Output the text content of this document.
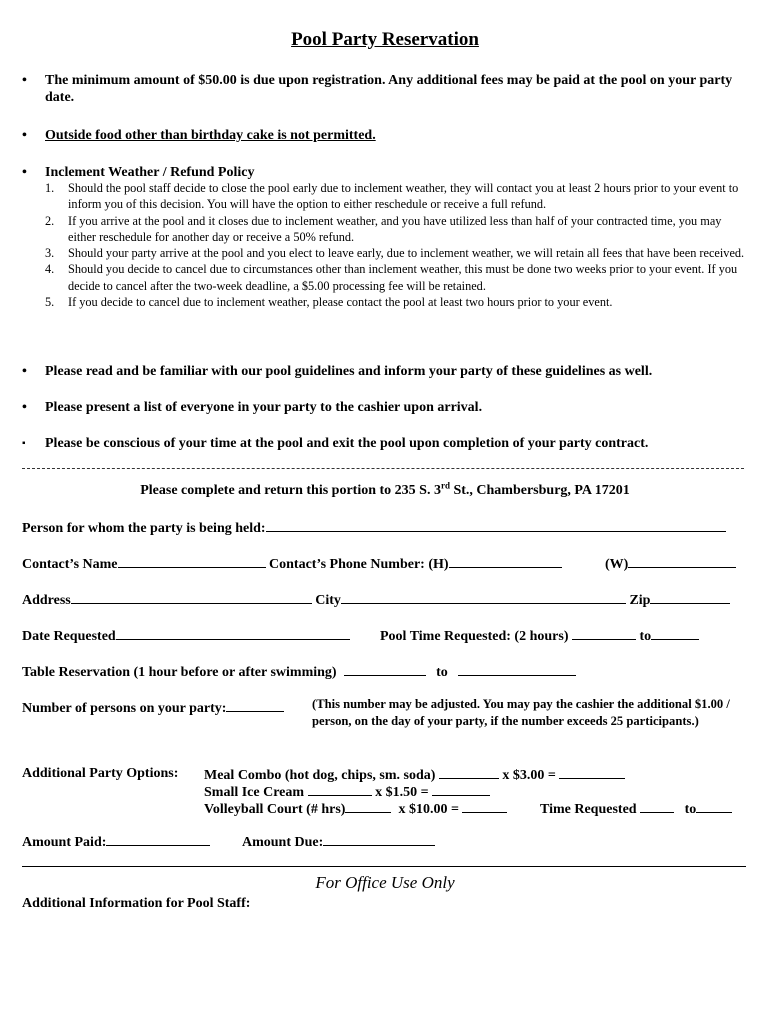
Pool Party Reservation
• The minimum amount of $50.00 is due upon registration. Any additional fees may be paid at the pool on your party date.
• Outside food other than birthday cake is not permitted.
• Inclement Weather / Refund Policy
1. Should the pool staff decide to close the pool early due to inclement weather, they will contact you at least 2 hours prior to your event to inform you of this decision. You will have the option to either reschedule or receive a full refund.
2. If you arrive at the pool and it closes due to inclement weather, and you have utilized less than half of your contracted time, you may either reschedule for another day or receive a 50% refund.
3. Should your party arrive at the pool and you elect to leave early, due to inclement weather, we will retain all fees that have been received.
4. Should you decide to cancel due to circumstances other than inclement weather, this must be done two weeks prior to your event. If you decide to cancel after the two-week deadline, a $5.00 processing fee will be retained.
5. If you decide to cancel due to inclement weather, please contact the pool at least two hours prior to your event.
• Please read and be familiar with our pool guidelines and inform your party of these guidelines as well.
• Please present a list of everyone in your party to the cashier upon arrival.
▪ Please be conscious of your time at the pool and exit the pool upon completion of your party contract.
Please complete and return this portion to 235 S. 3rd St., Chambersburg, PA 17201
Person for whom the party is being held:
Contact’s Name	Contact’s Phone Number: (H)	(W)
Address	City	Zip
Date Requested	Pool Time Requested: (2 hours)	to
Table Reservation (1 hour before or after swimming)	to
Number of persons on your party:	(This number may be adjusted. You may pay the cashier the additional $1.00 / person, on the day of your party, if the number exceeds 25 participants.)
Additional Party Options: Meal Combo (hot dog, chips, sm. soda)	x $3.00 =
Small Ice Cream	x $1.50 =
Volleyball Court (# hrs)	x $10.00 =	Time Requested	to
Amount Paid:	Amount Due:
For Office Use Only
Additional Information for Pool Staff:
